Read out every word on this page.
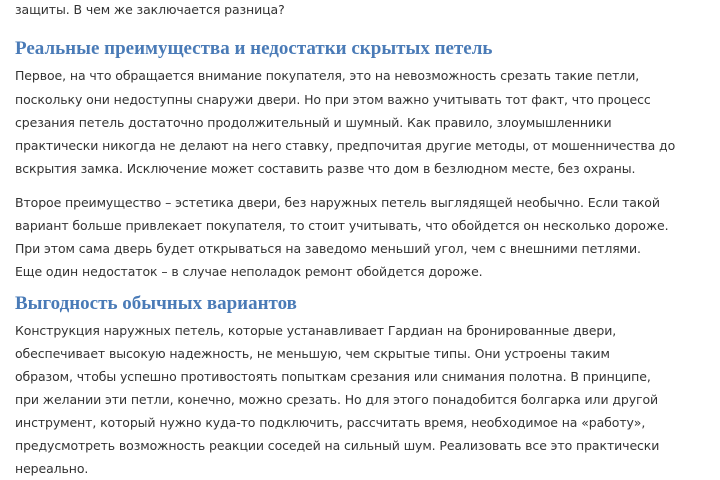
защиты. В чем же заключается разница?
Реальные преимущества и недостатки скрытых петель
Первое, на что обращается внимание покупателя, это на невозможность срезать такие петли,
поскольку они недоступны снаружи двери. Но при этом важно учитывать тот факт, что процесс
срезания петель достаточно продолжительный и шумный. Как правило, злоумышленники
практически никогда не делают на него ставку, предпочитая другие методы, от мошенничества до
вскрытия замка. Исключение может составить разве что дом в безлюдном месте, без охраны.
Второе преимущество – эстетика двери, без наружных петель выглядящей необычно. Если такой
вариант больше привлекает покупателя, то стоит учитывать, что обойдется он несколько дороже.
При этом сама дверь будет открываться на заведомо меньший угол, чем с внешними петлями.
Еще один недостаток – в случае неполадок ремонт обойдется дороже.
Выгодность обычных вариантов
Конструкция наружных петель, которые устанавливает Гардиан на бронированные двери,
обеспечивает высокую надежность, не меньшую, чем скрытые типы. Они устроены таким
образом, чтобы успешно противостоять попыткам срезания или снимания полотна. В принципе,
при желании эти петли, конечно, можно срезать. Но для этого понадобится болгарка или другой
инструмент, который нужно куда-то подключить, рассчитать время, необходимое на «работу»,
предусмотреть возможность реакции соседей на сильный шум. Реализовать все это практически
нереально.
